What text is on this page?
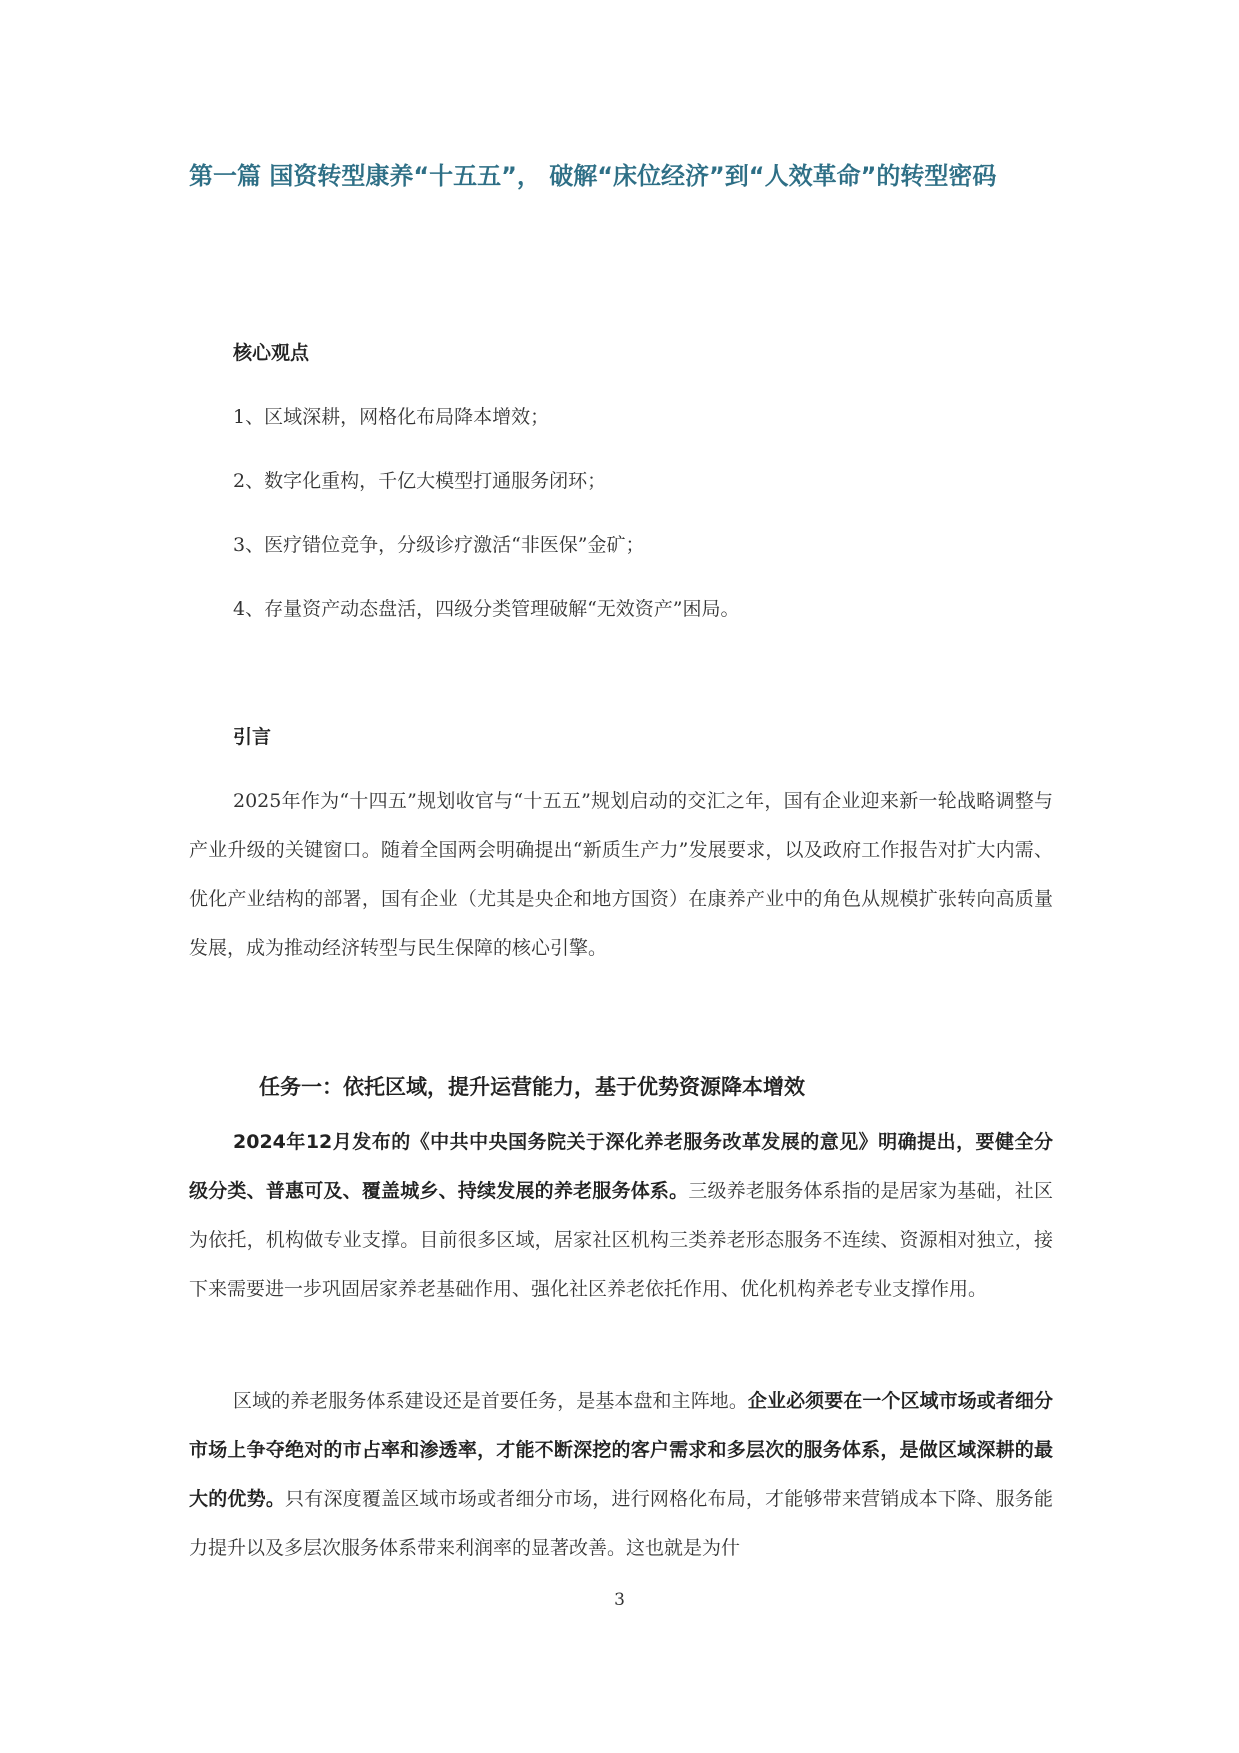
第一篇 国资转型康养“十五五”， 破解“床位经济”到“人效革命”的转型密码
核心观点
1、区域深耕，网格化布局降本增效；
2、数字化重构，千亿大模型打通服务闭环；
3、医疗错位竞争，分级诊疗激活“非医保”金矿；
4、存量资产动态盘活，四级分类管理破解“无效资产”困局。
引言

2025年作为“十四五”规划收官与“十五五”规划启动的交汇之年，国有企业迎来新一轮战略调整与产业升级的关键窗口。随着全国两会明确提出“新质生产力”发展要求，以及政府工作报告对扩大内需、优化产业结构的部署，国有企业（尤其是央企和地方国资）在康养产业中的角色从规模扩张转向高质量发展，成为推动经济转型与民生保障的核心引擎。

任务一：依托区域，提升运营能力，基于优势资源降本增效

2024年12月发布的《中共中央国务院关于深化养老服务改革发展的意见》明确提出，要健全分级分类、普惠可及、覆盖城乡、持续发展的养老服务体系。三级养老服务体系指的是居家为基础，社区为依托，机构做专业支撑。目前很多区域，居家社区机构三类养老形态服务不连续、资源相对独立，接下来需要进一步巩固居家养老基础作用、强化社区养老依托作用、优化机构养老专业支撑作用。

区域的养老服务体系建设还是首要任务，是基本盘和主阵地。企业必须要在一个区域市场或者细分市场上争夺绝对的市占率和渗透率，才能不断深挖的客户需求和多层次的服务体系，是做区域深耕的最大的优势。只有深度覆盖区域市场或者细分市场，进行网格化布局，才能够带来营销成本下降、服务能力提升以及多层次服务体系带来利润率的显著改善。这也就是为什

3
